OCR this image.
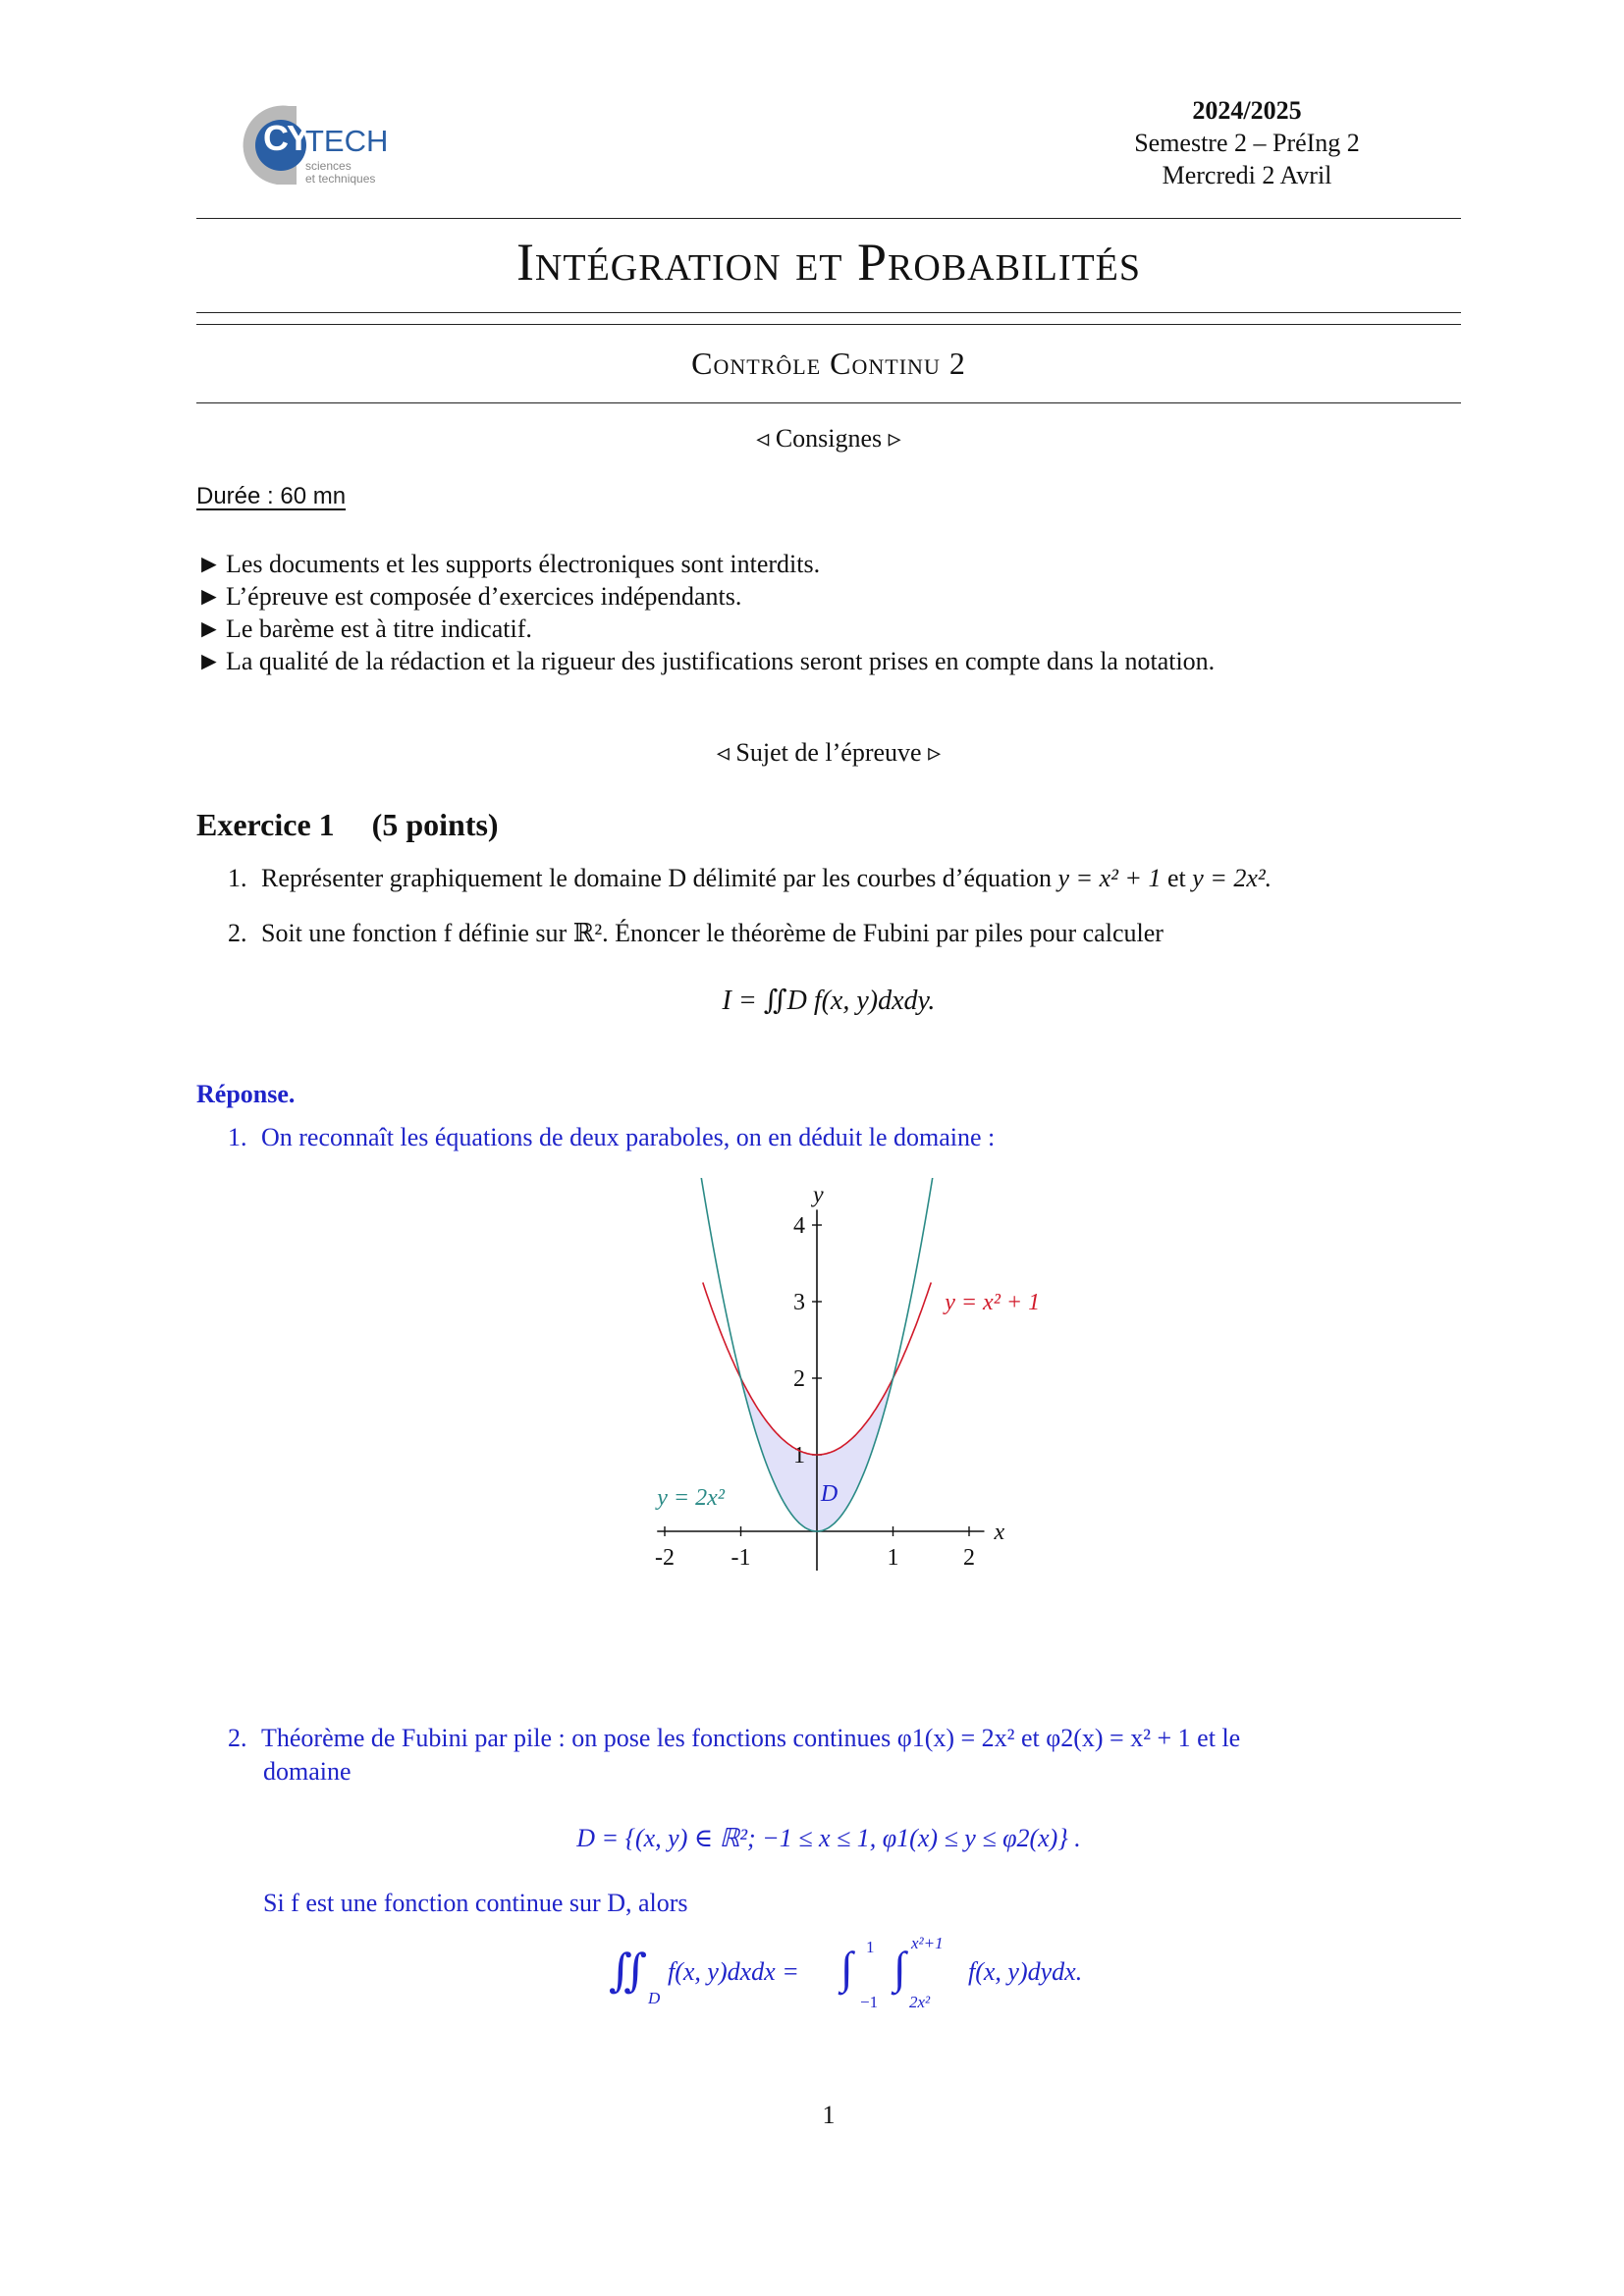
CY
TECH
sciences
et techniques
2024/2025
Semestre 2 – PréIng 2
Mercredi 2 Avril
Intégration et Probabilités
Contrôle Continu 2
◃ Consignes ▹
Durée : 60 mn
► Les documents et les supports électroniques sont interdits.
► L’épreuve est composée d’exercices indépendants.
► Le barème est à titre indicatif.
► La qualité de la rédaction et la rigueur des justifications seront prises en compte dans la notation.
◃ Sujet de l’épreuve ▹
Exercice 1 (5 points)
1. Représenter graphiquement le domaine D délimité par les courbes d’équation y = x² + 1 et y = 2x².
2. Soit une fonction f définie sur ℝ². Énoncer le théorème de Fubini par piles pour calculer
I = ∬D f(x, y)dxdy.
Réponse.
1. On reconnaît les équations de deux paraboles, on en déduit le domaine :
-2 -1	1	2
1
2
3
4
x
y
y = x² + 1
y = 2x²	D
2. Théorème de Fubini par pile : on pose les fonctions continues φ1(x) = 2x² et φ2(x) = x² + 1 et le
domaine
D = {(x, y) ∈ ℝ²; −1 ≤ x ≤ 1, φ1(x) ≤ y ≤ φ2(x)} .
Si f est une fonction continue sur D, alors
∬
D
f(x, y)dxdx = ∫ 1
−1
∫ x²+1
2x²
f(x, y)dydx.
1
